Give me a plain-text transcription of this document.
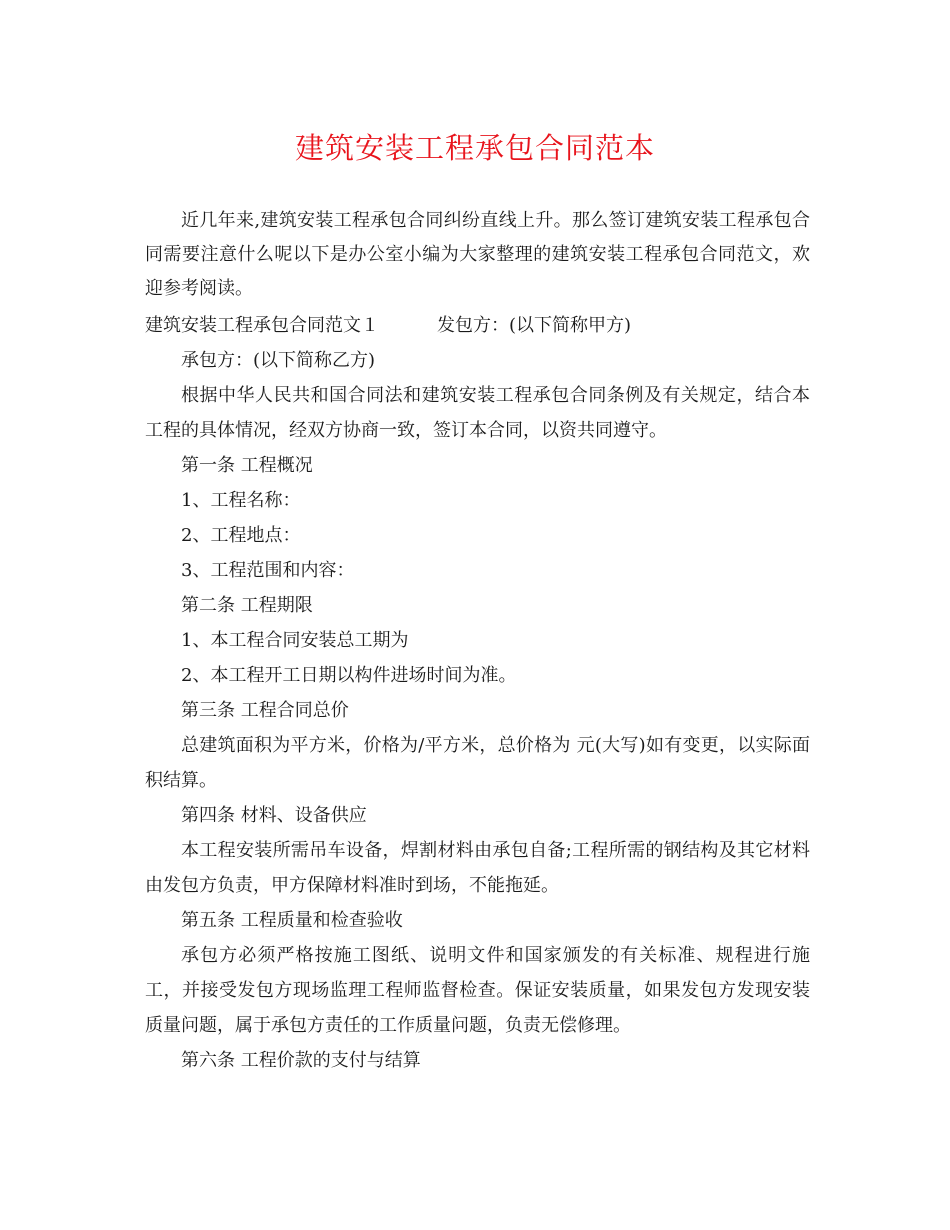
建筑安装工程承包合同范本

近几年来,建筑安装工程承包合同纠纷直线上升。那么签订建筑安装工程承包合同需要注意什么呢以下是办公室小编为大家整理的建筑安装工程承包合同范文，欢迎参考阅读。

建筑安装工程承包合同范文１	发包方：(以下简称甲方)

承包方：(以下简称乙方)

根据中华人民共和国合同法和建筑安装工程承包合同条例及有关规定，结合本工程的具体情况，经双方协商一致，签订本合同，以资共同遵守。

第一条 工程概况

1、工程名称：

2、工程地点：

3、工程范围和内容：

第二条 工程期限

1、本工程合同安装总工期为

2、本工程开工日期以构件进场时间为准。

第三条 工程合同总价

总建筑面积为平方米，价格为/平方米，总价格为 元(大写)如有变更，以实际面积结算。

第四条 材料、设备供应

本工程安装所需吊车设备，焊割材料由承包自备;工程所需的钢结构及其它材料由发包方负责，甲方保障材料准时到场，不能拖延。

第五条 工程质量和检查验收

承包方必须严格按施工图纸、说明文件和国家颁发的有关标准、规程进行施工，并接受发包方现场监理工程师监督检查。保证安装质量，如果发包方发现安装质量问题，属于承包方责任的工作质量问题，负责无偿修理。

第六条 工程价款的支付与结算
